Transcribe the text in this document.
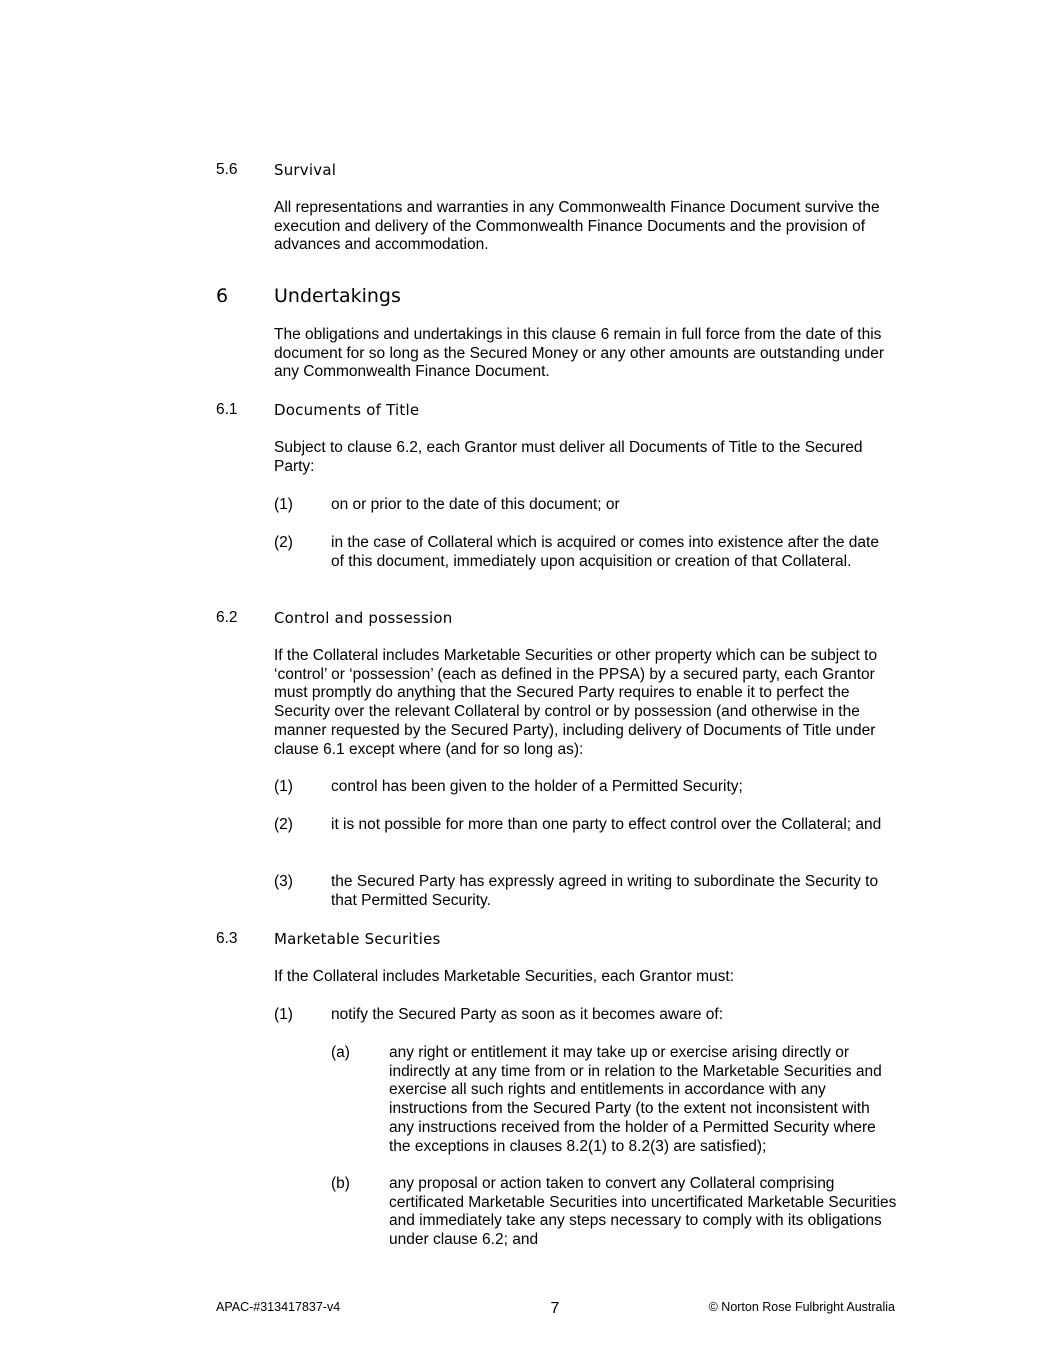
5.6 Survival
All representations and warranties in any Commonwealth Finance Document survive the execution and delivery of the Commonwealth Finance Documents and the provision of advances and accommodation.
6 Undertakings
The obligations and undertakings in this clause 6 remain in full force from the date of this document for so long as the Secured Money or any other amounts are outstanding under any Commonwealth Finance Document.
6.1 Documents of Title
Subject to clause 6.2, each Grantor must deliver all Documents of Title to the Secured Party:
(1) on or prior to the date of this document; or
(2) in the case of Collateral which is acquired or comes into existence after the date of this document, immediately upon acquisition or creation of that Collateral.
6.2 Control and possession
If the Collateral includes Marketable Securities or other property which can be subject to ‘control’ or ‘possession’ (each as defined in the PPSA) by a secured party, each Grantor must promptly do anything that the Secured Party requires to enable it to perfect the Security over the relevant Collateral by control or by possession (and otherwise in the manner requested by the Secured Party), including delivery of Documents of Title under clause 6.1 except where (and for so long as):
(1) control has been given to the holder of a Permitted Security;
(2) it is not possible for more than one party to effect control over the Collateral; and
(3) the Secured Party has expressly agreed in writing to subordinate the Security to that Permitted Security.
6.3 Marketable Securities
If the Collateral includes Marketable Securities, each Grantor must:
(1) notify the Secured Party as soon as it becomes aware of:
(a)	any right or entitlement it may take up or exercise arising directly or indirectly at any time from or in relation to the Marketable Securities and exercise all such rights and entitlements in accordance with any instructions from the Secured Party (to the extent not inconsistent with any instructions received from the holder of a Permitted Security where the exceptions in clauses 8.2(1) to 8.2(3) are satisfied);
(b)	any proposal or action taken to convert any Collateral comprising certificated Marketable Securities into uncertificated Marketable Securities and immediately take any steps necessary to comply with its obligations under clause 6.2; and
APAC-#313417837-v4	7	© Norton Rose Fulbright Australia
